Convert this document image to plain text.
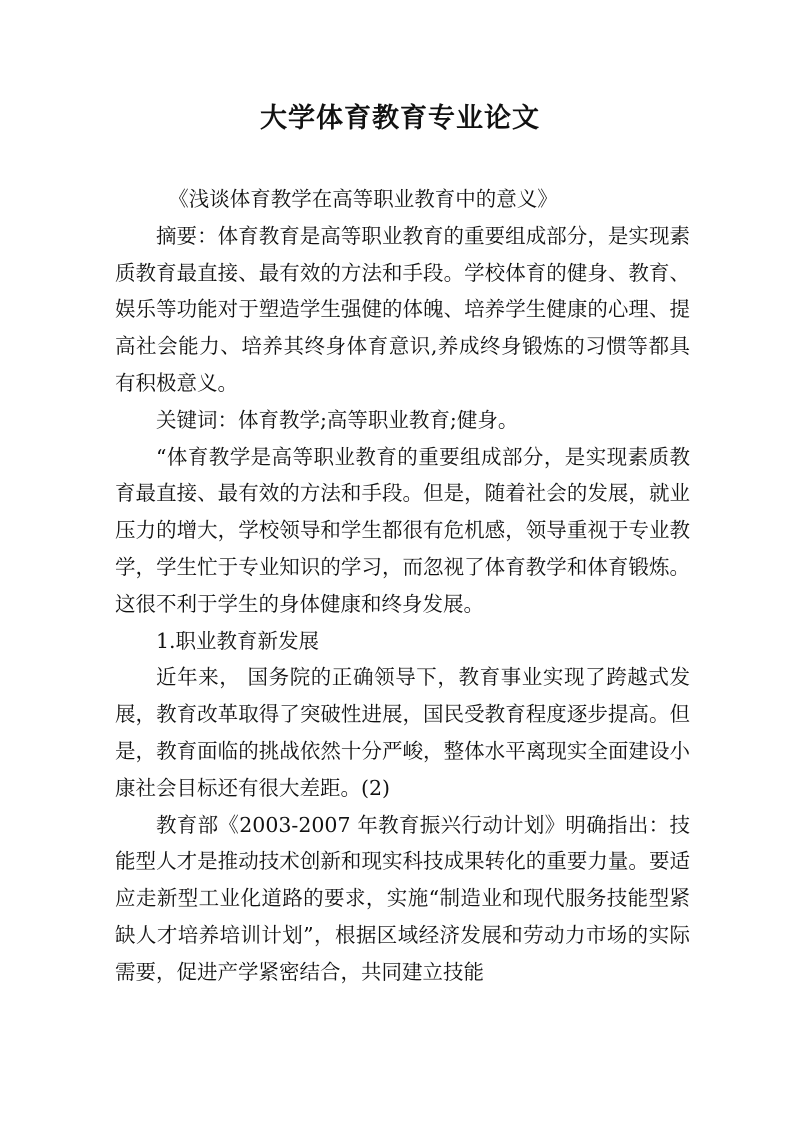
大学体育教育专业论文

《浅谈体育教学在高等职业教育中的意义》

摘要：体育教育是高等职业教育的重要组成部分，是实现素质教育最直接、最有效的方法和手段。学校体育的健身、教育、娱乐等功能对于塑造学生强健的体魄、培养学生健康的心理、提高社会能力、培养其终身体育意识,养成终身锻炼的习惯等都具有积极意义。

关键词：体育教学;高等职业教育;健身。

“体育教学是高等职业教育的重要组成部分，是实现素质教育最直接、最有效的方法和手段。但是，随着社会的发展，就业压力的增大，学校领导和学生都很有危机感，领导重视于专业教学，学生忙于专业知识的学习，而忽视了体育教学和体育锻炼。这很不利于学生的身体健康和终身发展。

1.职业教育新发展

近年来， 国务院的正确领导下，教育事业实现了跨越式发展，教育改革取得了突破性进展，国民受教育程度逐步提高。但是，教育面临的挑战依然十分严峻，整体水平离现实全面建设小康社会目标还有很大差距。(2)

教育部《2003-2007 年教育振兴行动计划》明确指出：技能型人才是推动技术创新和现实科技成果转化的重要力量。要适应走新型工业化道路的要求，实施“制造业和现代服务技能型紧缺人才培养培训计划”，根据区域经济发展和劳动力市场的实际需要，促进产学紧密结合，共同建立技能
